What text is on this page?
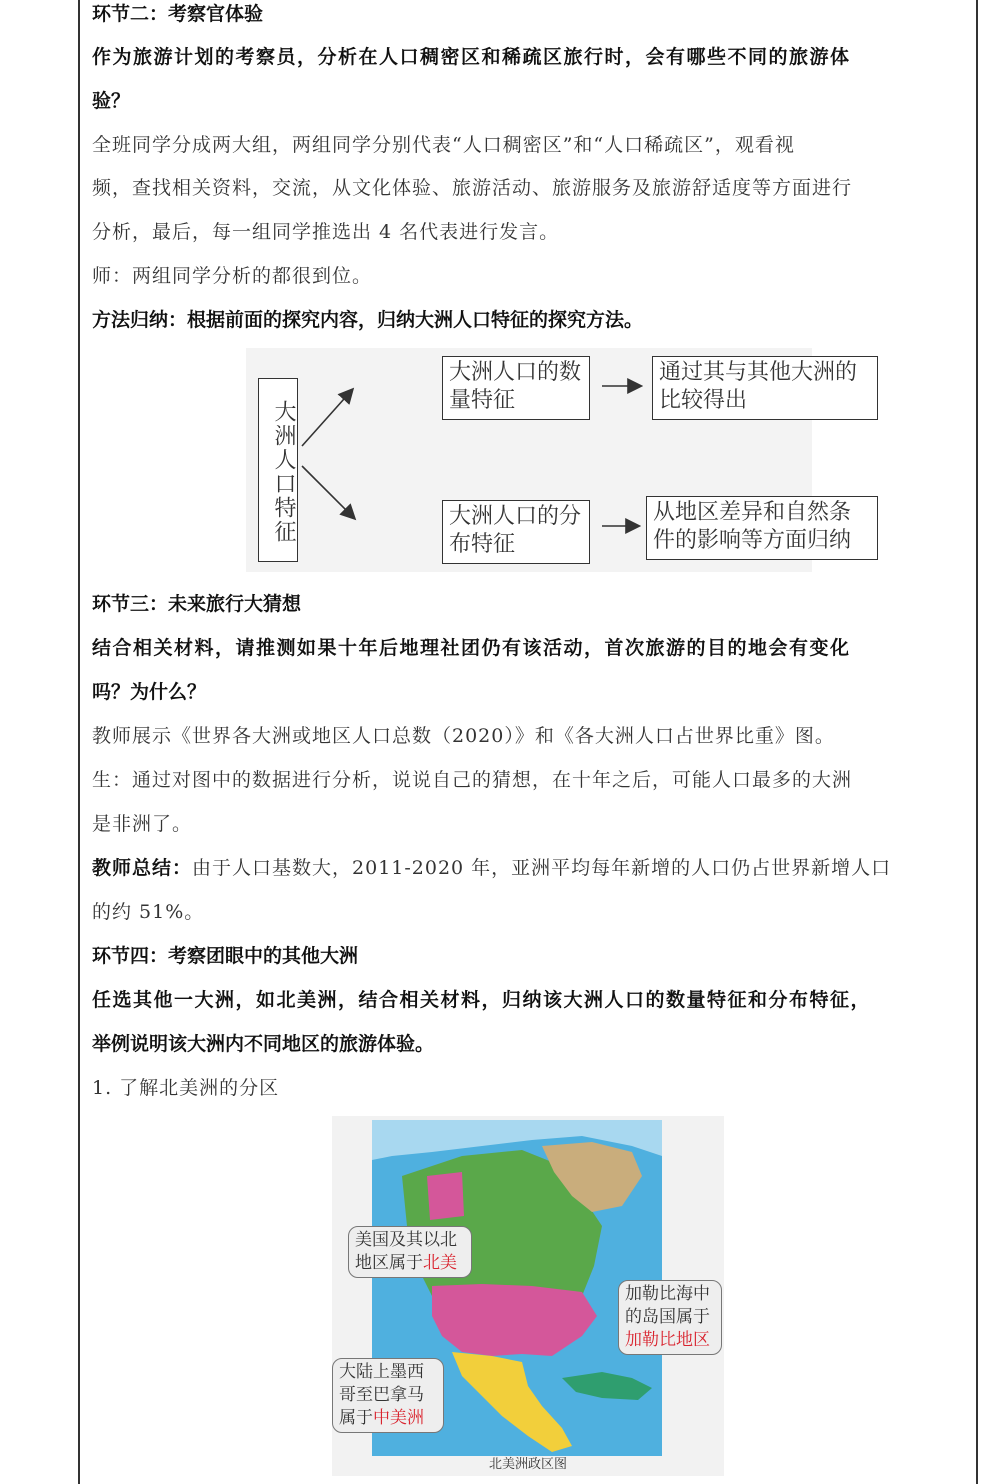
环节二：考察官体验
作为旅游计划的考察员，分析在人口稠密区和稀疏区旅行时，会有哪些不同的旅游体
验？
全班同学分成两大组，两组同学分别代表“人口稠密区”和“人口稀疏区”，观看视
频，查找相关资料，交流，从文化体验、旅游活动、旅游服务及旅游舒适度等方面进行
分析，最后，每一组同学推选出 4 名代表进行发言。
师：两组同学分析的都很到位。
方法归纳：根据前面的探究内容，归纳大洲人口特征的探究方法。
大洲人口特征
大洲人口的数量特征
通过其与其他大洲的比较得出
大洲人口的分布特征
从地区差异和自然条件的影响等方面归纳
环节三：未来旅行大猜想
结合相关材料，请推测如果十年后地理社团仍有该活动，首次旅游的目的地会有变化
吗？为什么？
教师展示《世界各大洲或地区人口总数（2020）》和《各大洲人口占世界比重》图。
生：通过对图中的数据进行分析，说说自己的猜想，在十年之后，可能人口最多的大洲
是非洲了。
教师总结：由于人口基数大，2011-2020 年，亚洲平均每年新增的人口仍占世界新增人口
的约 51%。
环节四：考察团眼中的其他大洲
任选其他一大洲，如北美洲，结合相关材料，归纳该大洲人口的数量特征和分布特征，
举例说明该大洲内不同地区的旅游体验。
1. 了解北美洲的分区
美国及其以北
地区属于北美
加勒比海中
的岛国属于
加勒比地区
大陆上墨西
哥至巴拿马
属于中美洲
北美洲政区图
